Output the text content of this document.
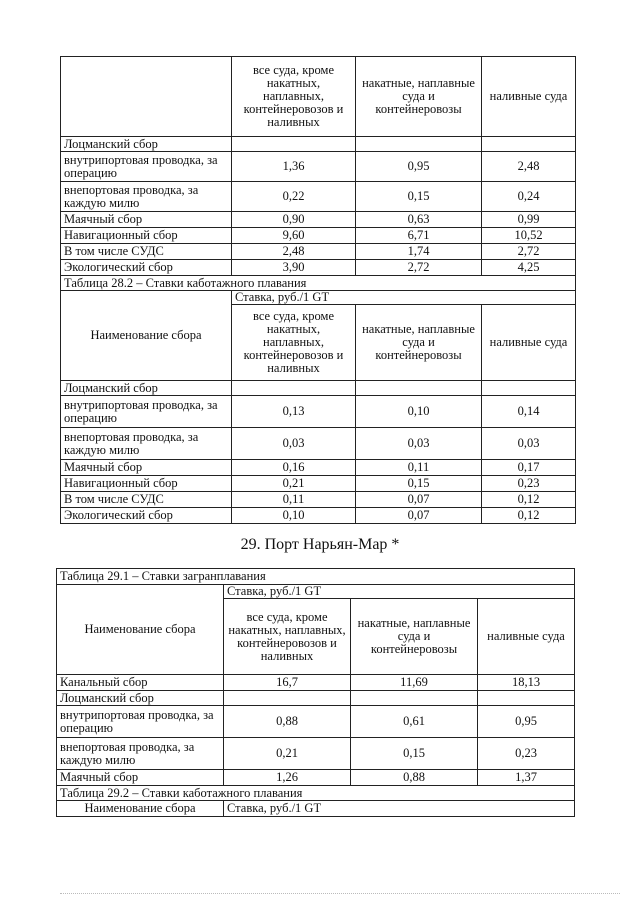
	все суда, кроме накатных, наплавных, контейнеровозов и наливных	накатные, наплавные суда и контейнеровозы	наливные суда
Лоцманский сбор			
внутрипортовая проводка, за операцию	1,36	0,95	2,48
внепортовая проводка, за каждую милю	0,22	0,15	0,24
Маячный сбор	0,90	0,63	0,99
Навигационный сбор	9,60	6,71	10,52
В том числе СУДС	2,48	1,74	2,72
Экологический сбор	3,90	2,72	4,25
Таблица 28.2 – Ставки каботажного плавания			
Наименование сбора	Ставка, руб./1 GT		
	все суда, кроме накатных, наплавных, контейнеровозов и наливных	накатные, наплавные суда и контейнеровозы	наливные суда
Лоцманский сбор			
внутрипортовая проводка, за операцию	0,13	0,10	0,14
внепортовая проводка, за каждую милю	0,03	0,03	0,03
Маячный сбор	0,16	0,11	0,17
Навигационный сбор	0,21	0,15	0,23
В том числе СУДС	0,11	0,07	0,12
Экологический сбор	0,10	0,07	0,12
29. Порт Нарьян-Мар *
Таблица 29.1 – Ставки загранплавания			
Наименование сбора	Ставка, руб./1 GT		
	все суда, кроме накатных, наплавных, контейнеровозов и наливных	накатные, наплавные суда и контейнеровозы	наливные суда
Канальный сбор	16,7	11,69	18,13
Лоцманский сбор			
внутрипортовая проводка, за операцию	0,88	0,61	0,95
внепортовая проводка, за каждую милю	0,21	0,15	0,23
Маячный сбор	1,26	0,88	1,37
Таблица 29.2 – Ставки каботажного плавания			
Наименование сбора	Ставка, руб./1 GT		
